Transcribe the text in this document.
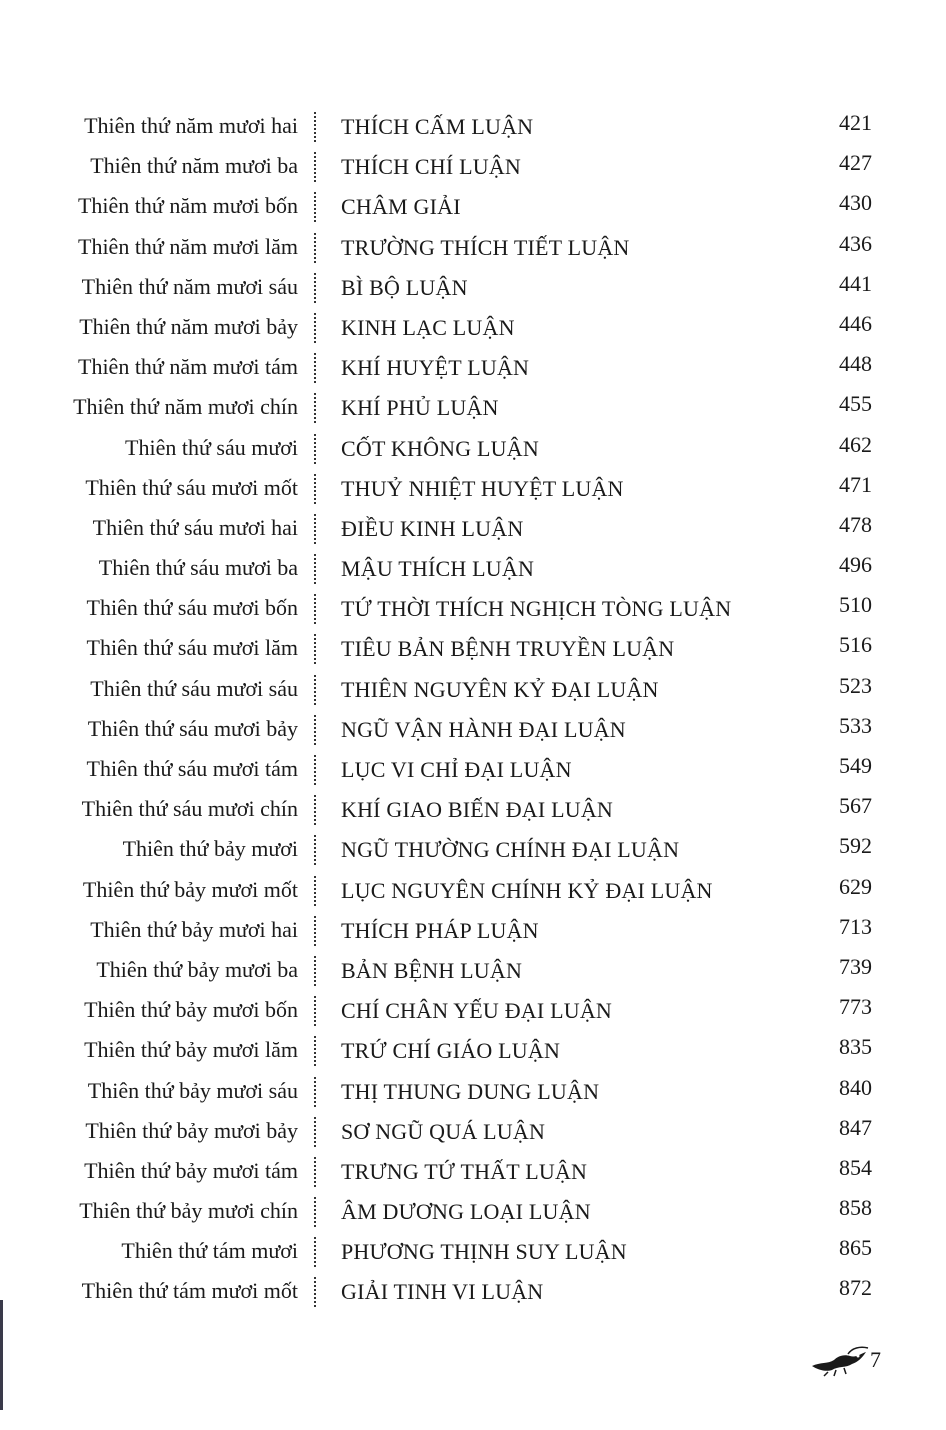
Thiên thứ năm mươi hai THÍCH CẤM LUẬN	421
Thiên thứ năm mươi ba THÍCH CHÍ LUẬN	427
Thiên thứ năm mươi bốn CHÂM GIẢI	430
Thiên thứ năm mươi lăm TRƯỜNG THÍCH TIẾT LUẬN	436
Thiên thứ năm mươi sáu BÌ BỘ LUẬN	441
Thiên thứ năm mươi bảy KINH LẠC LUẬN	446
Thiên thứ năm mươi tám KHÍ HUYỆT LUẬN	448
Thiên thứ năm mươi chín KHÍ PHỦ LUẬN	455
Thiên thứ sáu mươi CỐT KHÔNG LUẬN	462
Thiên thứ sáu mươi mốt THUỶ NHIỆT HUYỆT LUẬN	471
Thiên thứ sáu mươi hai ĐIỀU KINH LUẬN	478
Thiên thứ sáu mươi ba MẬU THÍCH LUẬN	496
Thiên thứ sáu mươi bốn TỨ THỜI THÍCH NGHỊCH TÒNG LUẬN	510
Thiên thứ sáu mươi lăm TIÊU BẢN BỆNH TRUYỀN LUẬN	516
Thiên thứ sáu mươi sáu THIÊN NGUYÊN KỶ ĐẠI LUẬN	523
Thiên thứ sáu mươi bảy NGŨ VẬN HÀNH ĐẠI LUẬN	533
Thiên thứ sáu mươi tám LỤC VI CHỈ ĐẠI LUẬN	549
Thiên thứ sáu mươi chín KHÍ GIAO BIẾN ĐẠI LUẬN	567
Thiên thứ bảy mươi NGŨ THƯỜNG CHÍNH ĐẠI LUẬN	592
Thiên thứ bảy mươi mốt LỤC NGUYÊN CHÍNH KỶ ĐẠI LUẬN	629
Thiên thứ bảy mươi hai THÍCH PHÁP LUẬN	713
Thiên thứ bảy mươi ba BẢN BỆNH LUẬN	739
Thiên thứ bảy mươi bốn CHÍ CHÂN YẾU ĐẠI LUẬN	773
Thiên thứ bảy mươi lăm TRỨ CHÍ GIÁO LUẬN	835
Thiên thứ bảy mươi sáu THỊ THUNG DUNG LUẬN	840
Thiên thứ bảy mươi bảy SƠ NGŨ QUÁ LUẬN	847
Thiên thứ bảy mươi tám TRƯNG TỨ THẤT LUẬN	854
Thiên thứ bảy mươi chín ÂM DƯƠNG LOẠI LUẬN	858
Thiên thứ tám mươi PHƯƠNG THỊNH SUY LUẬN	865
Thiên thứ tám mươi mốt GIẢI TINH VI LUẬN	872
7
